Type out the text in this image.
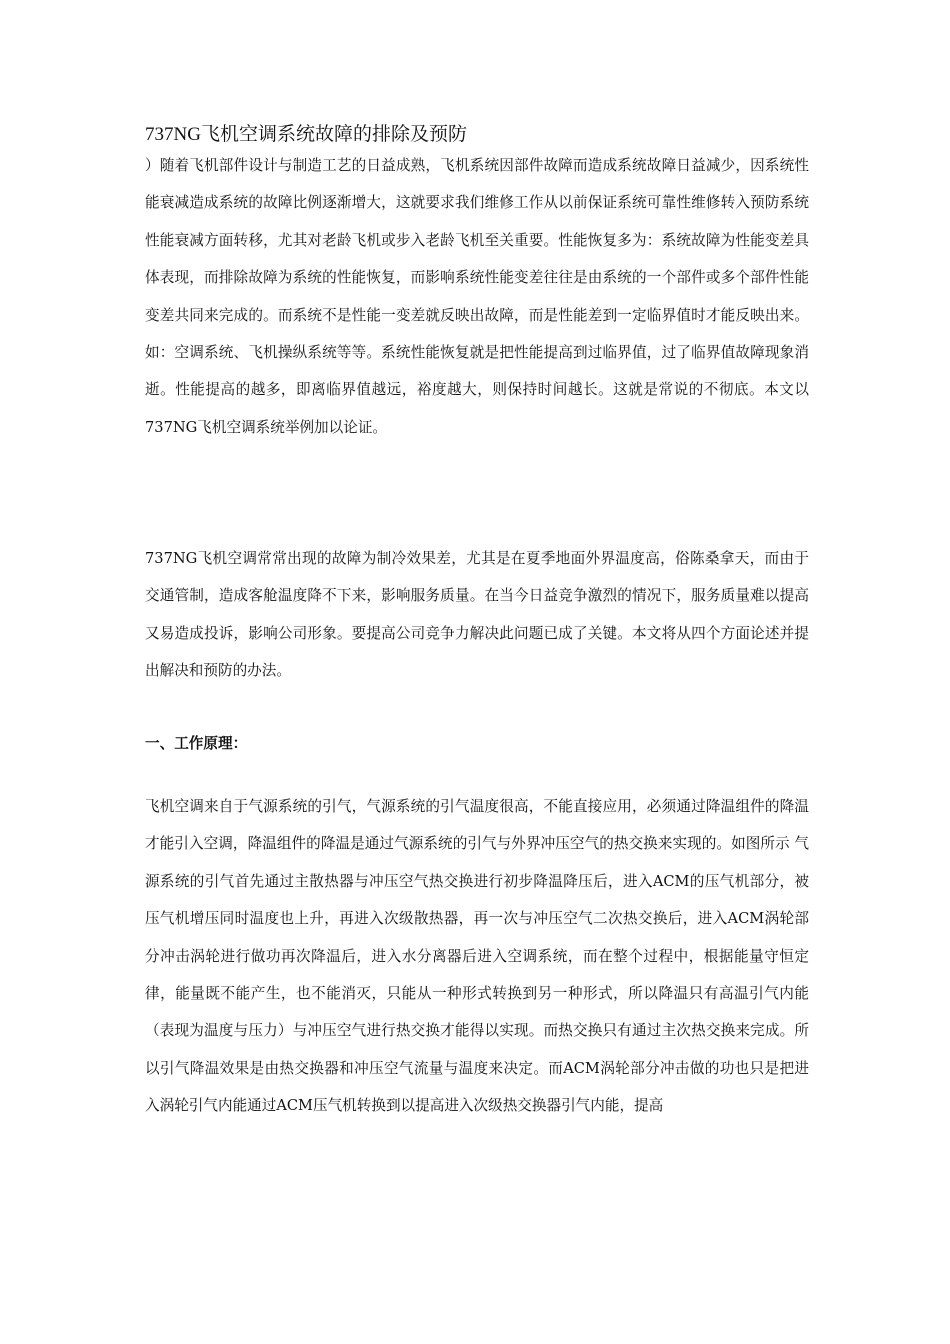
737NG飞机空调系统故障的排除及预防

）随着飞机部件设计与制造工艺的日益成熟，飞机系统因部件故障而造成系统故障日益减少，因系统性能衰减造成系统的故障比例逐渐增大，这就要求我们维修工作从以前保证系统可靠性维修转入预防系统性能衰减方面转移，尤其对老龄飞机或步入老龄飞机至关重要。性能恢复多为：系统故障为性能变差具体表现，而排除故障为系统的性能恢复，而影响系统性能变差往往是由系统的一个部件或多个部件性能变差共同来完成的。而系统不是性能一变差就反映出故障，而是性能差到一定临界值时才能反映出来。如：空调系统、飞机操纵系统等等。系统性能恢复就是把性能提高到过临界值，过了临界值故障现象消逝。性能提高的越多，即离临界值越远，裕度越大，则保持时间越长。这就是常说的不彻底。本文以737NG飞机空调系统举例加以论证。

737NG飞机空调常常出现的故障为制冷效果差，尤其是在夏季地面外界温度高，俗陈桑拿天，而由于交通管制，造成客舱温度降不下来，影响服务质量。在当今日益竞争激烈的情况下，服务质量难以提高又易造成投诉，影响公司形象。要提高公司竞争力解决此问题已成了关键。本文将从四个方面论述并提出解决和预防的办法。

一、工作原理：

飞机空调来自于气源系统的引气，气源系统的引气温度很高，不能直接应用，必须通过降温组件的降温才能引入空调，降温组件的降温是通过气源系统的引气与外界冲压空气的热交换来实现的。如图所示 气源系统的引气首先通过主散热器与冲压空气热交换进行初步降温降压后，进入ACM的压气机部分，被压气机增压同时温度也上升，再进入次级散热器，再一次与冲压空气二次热交换后，进入ACM涡轮部分冲击涡轮进行做功再次降温后，进入水分离器后进入空调系统，而在整个过程中，根据能量守恒定律，能量既不能产生，也不能消灭，只能从一种形式转换到另一种形式，所以降温只有高温引气内能（表现为温度与压力）与冲压空气进行热交换才能得以实现。而热交换只有通过主次热交换来完成。所以引气降温效果是由热交换器和冲压空气流量与温度来决定。而ACM涡轮部分冲击做的功也只是把进入涡轮引气内能通过ACM压气机转换到以提高进入次级热交换器引气内能，提高
